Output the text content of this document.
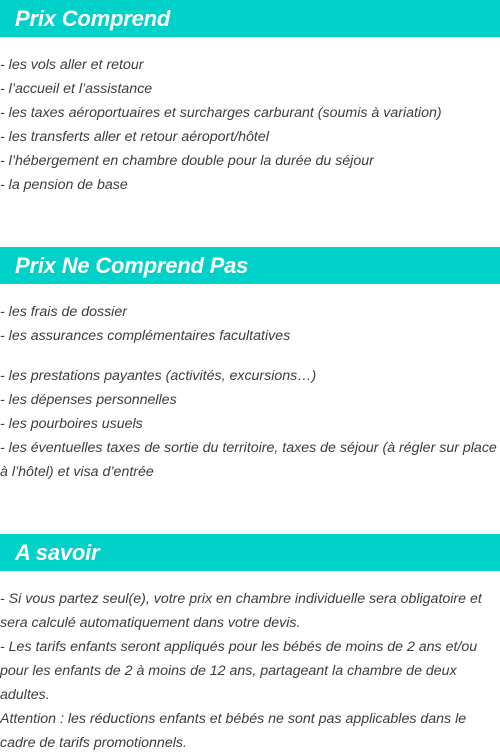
Prix Comprend
- les vols aller et retour
- l’accueil et l’assistance
- les taxes aéroportuaires et surcharges carburant (soumis à variation)
- les transferts aller et retour aéroport/hôtel
- l’hébergement en chambre double pour la durée du séjour
- la pension de base
Prix Ne Comprend Pas
- les frais de dossier
- les assurances complémentaires facultatives
- les prestations payantes (activités, excursions…)
- les dépenses personnelles
- les pourboires usuels
- les éventuelles taxes de sortie du territoire, taxes de séjour (à régler sur place à l’hôtel) et visa d’entrée
A savoir
- Si vous partez seul(e), votre prix en chambre individuelle sera obligatoire et sera calculé automatiquement dans votre devis.
- Les tarifs enfants seront appliqués pour les bébés de moins de 2 ans et/ou pour les enfants de 2 à moins de 12 ans, partageant la chambre de deux adultes.
Attention : les réductions enfants et bébés ne sont pas applicables dans le cadre de tarifs promotionnels.
